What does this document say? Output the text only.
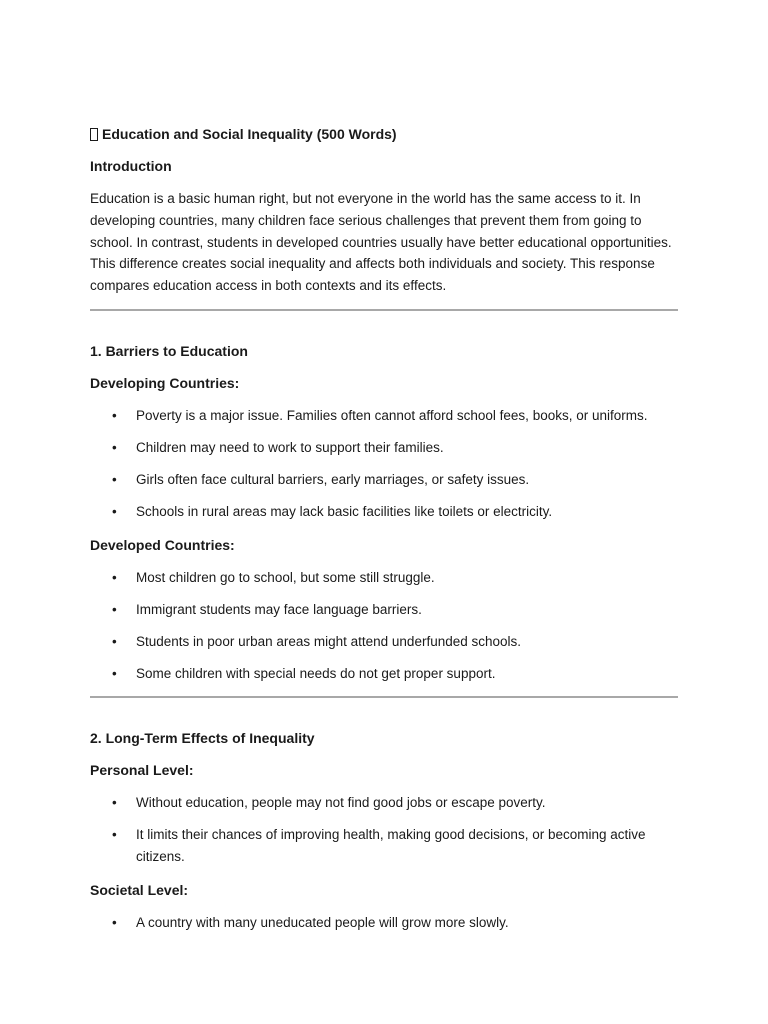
Education and Social Inequality (500 Words)
Introduction

Education is a basic human right, but not everyone in the world has the same access to it. In developing countries, many children face serious challenges that prevent them from going to school. In contrast, students in developed countries usually have better educational opportunities. This difference creates social inequality and affects both individuals and society. This response compares education access in both contexts and its effects.

1. Barriers to Education
Developing Countries:
• Poverty is a major issue. Families often cannot afford school fees, books, or uniforms.
• Children may need to work to support their families.
• Girls often face cultural barriers, early marriages, or safety issues.
• Schools in rural areas may lack basic facilities like toilets or electricity.
Developed Countries:
• Most children go to school, but some still struggle.
• Immigrant students may face language barriers.
• Students in poor urban areas might attend underfunded schools.
• Some children with special needs do not get proper support.
2. Long-Term Effects of Inequality
Personal Level:
• Without education, people may not find good jobs or escape poverty.
• It limits their chances of improving health, making good decisions, or becoming active citizens.
Societal Level:
• A country with many uneducated people will grow more slowly.
